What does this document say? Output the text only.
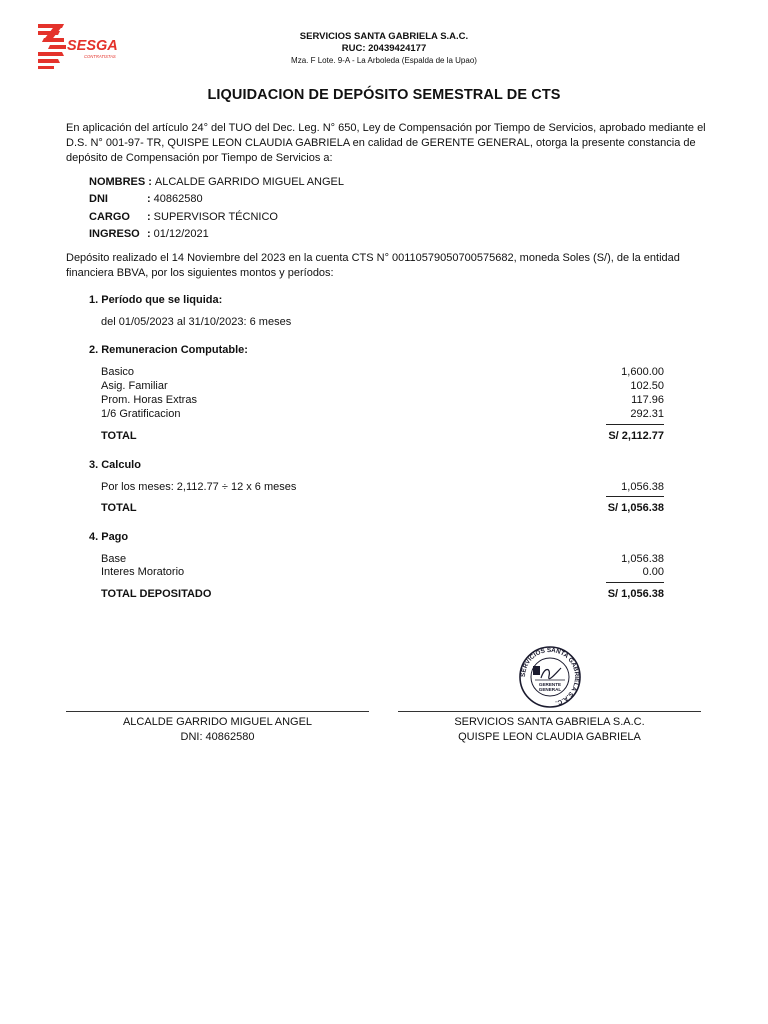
SESGA
CONTRATISTAS
SERVICIOS SANTA GABRIELA S.A.C.
RUC: 20439424177
Mza. F Lote. 9-A - La Arboleda (Espalda de la Upao)
LIQUIDACION DE DEPÓSITO SEMESTRAL DE CTS
En aplicación del artículo 24° del TUO del Dec. Leg. N° 650, Ley de Compensación por Tiempo de Servicios, aprobado mediante el D.S. N° 001-97- TR, QUISPE LEON CLAUDIA GABRIELA en calidad de GERENTE GENERAL, otorga la presente constancia de depósito de Compensación por Tiempo de Servicios a:
NOMBRES : ALCALDE GARRIDO MIGUEL ANGEL
DNI	: 40862580
CARGO	: SUPERVISOR TÉCNICO
INGRESO : 01/12/2021
Depósito realizado el 14 Noviembre del 2023 en la cuenta CTS N° 00110579050700575682, moneda Soles (S/), de la entidad financiera BBVA, por los siguientes montos y períodos:
1. Período que se liquida:
del 01/05/2023 al 31/10/2023: 6 meses
2. Remuneracion Computable:
Basico	1,600.00
Asig. Familiar	102.50
Prom. Horas Extras	117.96
1/6 Gratificacion	292.31
TOTAL	S/ 2,112.77
3. Calculo
Por los meses: 2,112.77 ÷ 12 x 6 meses	1,056.38
TOTAL	S/ 1,056.38
4. Pago
Base	1,056.38
Interes Moratorio	0.00
TOTAL DEPOSITADO	S/ 1,056.38
SERVICIOS SANTA GABRIELA S.A.C.
GERENTE
GENERAL
ALCALDE GARRIDO MIGUEL ANGEL
DNI: 40862580
SERVICIOS SANTA GABRIELA S.A.C.
QUISPE LEON CLAUDIA GABRIELA
